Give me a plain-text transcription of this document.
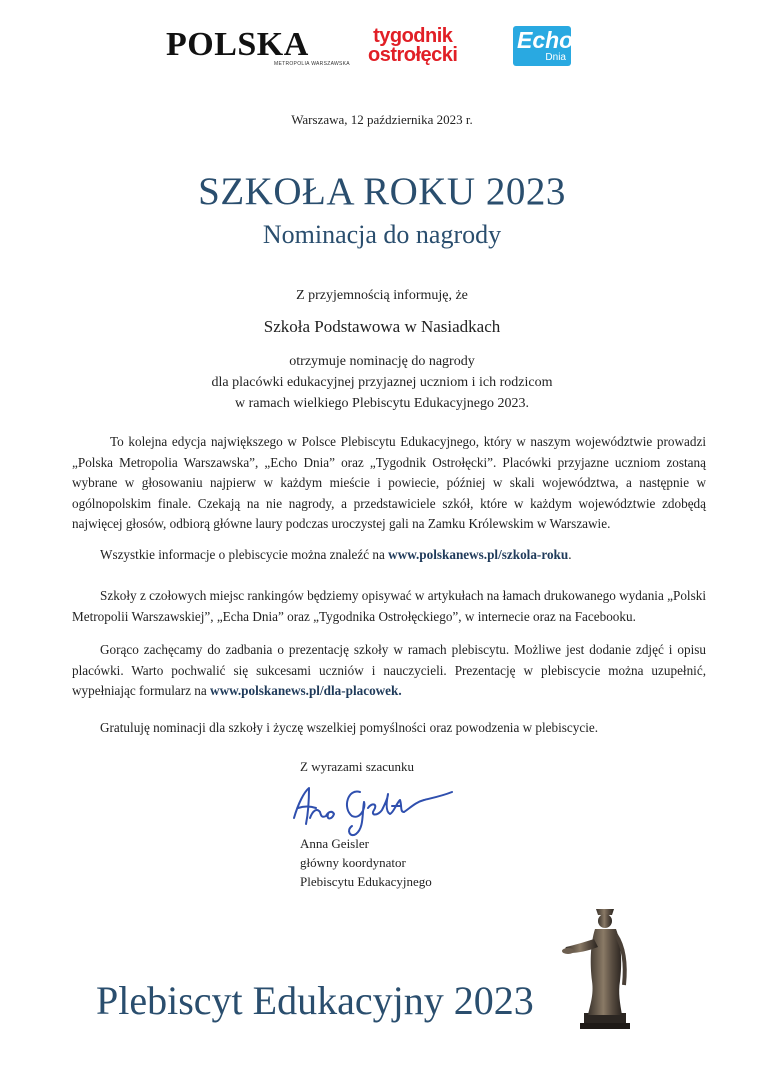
POLSKA
METROPOLIA WARSZAWSKA
tygodnik
ostrołęcki
Echo
Dnia
Warszawa, 12 października 2023 r.
SZKOŁA ROKU 2023
Nominacja do nagrody
Z przyjemnością informuję, że
Szkoła Podstawowa w Nasiadkach
otrzymuje nominację do nagrody
dla placówki edukacyjnej przyjaznej uczniom i ich rodzicom
w ramach wielkiego Plebiscytu Edukacyjnego 2023.
To kolejna edycja największego w Polsce Plebiscytu Edukacyjnego, który w naszym województwie prowadzi „Polska Metropolia Warszawska”, „Echo Dnia” oraz „Tygodnik Ostrołęcki”. Placówki przyjazne uczniom zostaną wybrane w głosowaniu najpierw w każdym mieście i powiecie, później w skali województwa, a następnie w ogólnopolskim finale. Czekają na nie nagrody, a przedstawiciele szkół, które w każdym województwie zdobędą najwięcej głosów, odbiorą główne laury podczas uroczystej gali na Zamku Królewskim w Warszawie.
Wszystkie informacje o plebiscycie można znaleźć na www.polskanews.pl/szkola-roku.
Szkoły z czołowych miejsc rankingów będziemy opisywać w artykułach na łamach drukowanego wydania „Polski Metropolii Warszawskiej”, „Echa Dnia” oraz „Tygodnika Ostrołęckiego”, w internecie oraz na Facebooku.
Gorąco zachęcamy do zadbania o prezentację szkoły w ramach plebiscytu. Możliwe jest dodanie zdjęć i opisu placówki. Warto pochwalić się sukcesami uczniów i nauczycieli. Prezentację w plebiscycie można uzupełnić, wypełniając formularz na www.polskanews.pl/dla-placowek.
Gratuluję nominacji dla szkoły i życzę wszelkiej pomyślności oraz powodzenia w plebiscycie.
Z wyrazami szacunku
Anna Geisler
główny koordynator
Plebiscytu Edukacyjnego
Plebiscyt Edukacyjny 2023
